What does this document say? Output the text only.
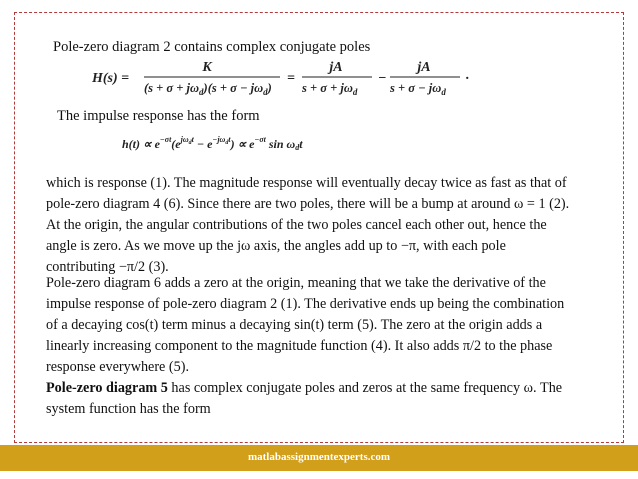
Pole-zero diagram 2 contains complex conjugate poles

H(s) =
K
$(s + \sigma + j\omega_d)(s + \sigma - j\omega_d)$
=
jA
$s + \sigma + j\omega_d$
−
jA
$s + \sigma - j\omega_d$
.

The impulse response has the form

$h(t) \propto e^{-\sigma t}(e^{j\omega}dt - e^{-j\omega}dt) \propto e^{-\sigma t}$ sin ωdt

which is response (1). The magnitude response will eventually decay twice as fast as that of pole-zero diagram 4 (6). Since there are two poles, there will be a bump at around ω = 1 (2). At the origin, the angular contributions of the two poles cancel each other out, hence the angle is zero. As we move up the jω axis, the angles add up to −π, with each pole contributing −π/2 (3).

Pole-zero diagram 6 adds a zero at the origin, meaning that we take the derivative of the impulse response of pole-zero diagram 2 (1). The derivative ends up being the combination of a decaying cos(t) term minus a decaying sin(t) term (5). The zero at the origin adds a linearly increasing component to the magnitude function (4). It also adds π/2 to the phase response everywhere (5).

Pole-zero diagram 5 has complex conjugate poles and zeros at the same frequency ω. The system function has the form

matlabassignmentexperts.com
